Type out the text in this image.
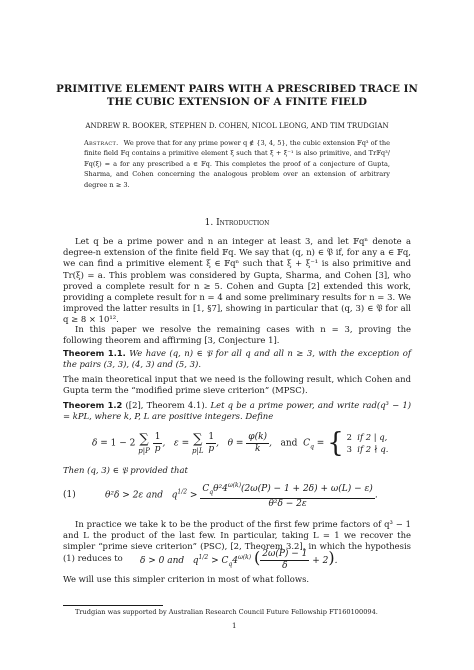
PRIMITIVE ELEMENT PAIRS WITH A PRESCRIBED TRACE IN
THE CUBIC EXTENSION OF A FINITE FIELD
ANDREW R. BOOKER, STEPHEN D. COHEN, NICOL LEONG, AND TIM TRUDGIAN
Abstract. We prove that for any prime power q ∉ {3, 4, 5}, the cubic extension 𝔽q³ of the finite field 𝔽q contains a primitive element ξ such that ξ + ξ⁻¹ is also primitive, and Tr𝔽q³/𝔽q(ξ) = a for any prescribed a ∈ 𝔽q. This completes the proof of a conjecture of Gupta, Sharma, and Cohen concerning the analogous problem over an extension of arbitrary degree n ≥ 3.
1. Introduction
Let q be a prime power and n an integer at least 3, and let 𝔽qⁿ denote a degree-n extension of the finite field 𝔽q. We say that (q, n) ∈ 𝔓 if, for any a ∈ 𝔽q, we can find a primitive element ξ ∈ 𝔽qⁿ such that ξ + ξ⁻¹ is also primitive and Tr(ξ) = a. This problem was considered by Gupta, Sharma, and Cohen [3], who proved a complete result for n ≥ 5. Cohen and Gupta [2] extended this work, providing a complete result for n = 4 and some preliminary results for n = 3. We improved the latter results in [1, §7], showing in particular that (q, 3) ∈ 𝔓 for all q ≥ 8 × 10¹².
In this paper we resolve the remaining cases with n = 3, proving the following theorem and affirming [3, Conjecture 1].
Theorem 1.1. We have (q, n) ∈ 𝔓 for all q and all n ≥ 3, with the exception of the pairs (3, 3), (4, 3) and (5, 3).
The main theoretical input that we need is the following result, which Cohen and Gupta term the “modified prime sieve criterion” (MPSC).
Theorem 1.2 ([2], Theorem 4.1). Let q be a prime power, and write rad(q³ − 1) = kPL, where k, P, L are positive integers. Define
δ = 1 − 2 ∑
$p|P \frac{1}{p}$ ,   ε = ∑
$p|L \frac{1}{p}$ ,   $\theta = \frac{\varphi(k)}{k}$ ,   and  $C_q$ = { 2  if 2 | q,
3  if 2 ∤ q.
Then (q, 3) ∈ 𝔓 provided that
(1)	θ²δ > 2ε and   $q^{1/2} > \frac{C_q\theta^24^{\omega(k)}(2\omega(P) - 1 + 2\delta) + \omega(L) - \varepsilon)}{\text{θ²δ − 2ε}}$ .
In practice we take k to be the product of the first few prime factors of q³ − 1 and L the product of the last few. In particular, taking L = 1 we recover the simpler “prime sieve criterion” (PSC), [2, Theorem 3.2], in which the hypothesis (1) reduces to	δ > 0 and   $q^{1/2} > C_q4^{\omega(k)}$ ( $\frac{2\omega(P) - 1}{\delta} + 2$).
We will use this simpler criterion in most of what follows.
Trudgian was supported by Australian Research Council Future Fellowship FT160100094.
1
